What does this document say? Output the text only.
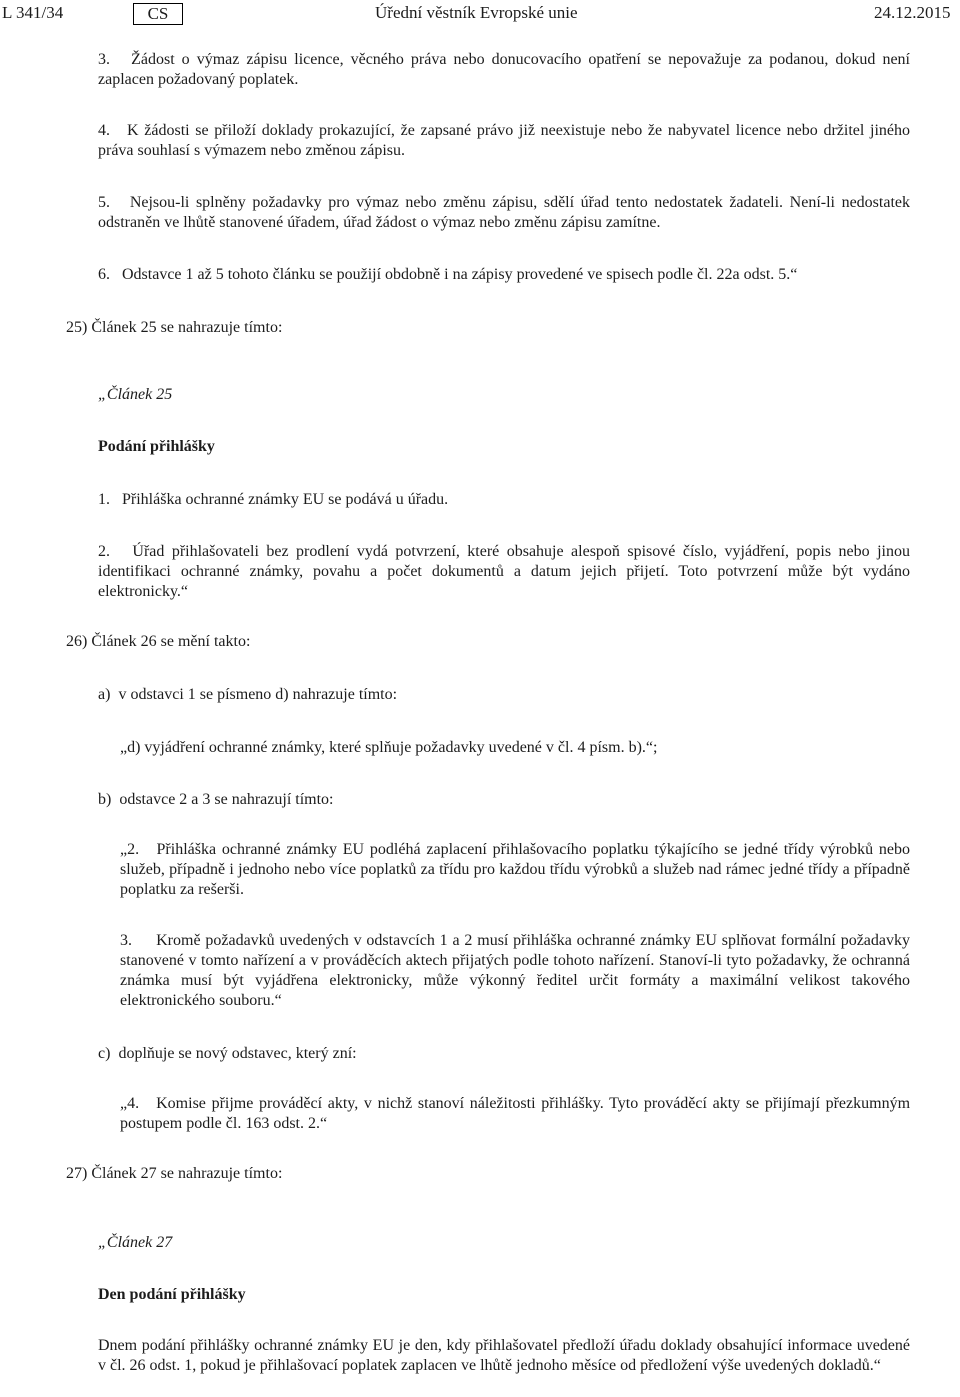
L 341/34	CS	Úřední věstník Evropské unie	24.12.2015
3. Žádost o výmaz zápisu licence, věcného práva nebo donucovacího opatření se nepovažuje za podanou, dokud není zaplacen požadovaný poplatek.
4. K žádosti se přiloží doklady prokazující, že zapsané právo již neexistuje nebo že nabyvatel licence nebo držitel jiného práva souhlasí s výmazem nebo změnou zápisu.
5. Nejsou-li splněny požadavky pro výmaz nebo změnu zápisu, sdělí úřad tento nedostatek žadateli. Není-li nedostatek odstraněn ve lhůtě stanovené úřadem, úřad žádost o výmaz nebo změnu zápisu zamítne.
6. Odstavce 1 až 5 tohoto článku se použijí obdobně i na zápisy provedené ve spisech podle čl. 22a odst. 5.“
25) Článek 25 se nahrazuje tímto:
„Článek 25
Podání přihlášky
1. Přihláška ochranné známky EU se podává u úřadu.
2. Úřad přihlašovateli bez prodlení vydá potvrzení, které obsahuje alespoň spisové číslo, vyjádření, popis nebo jinou identifikaci ochranné známky, povahu a počet dokumentů a datum jejich přijetí. Toto potvrzení může být vydáno elektronicky.“
26) Článek 26 se mění takto:
a) v odstavci 1 se písmeno d) nahrazuje tímto:
„d) vyjádření ochranné známky, které splňuje požadavky uvedené v čl. 4 písm. b).“;
b) odstavce 2 a 3 se nahrazují tímto:
„2. Přihláška ochranné známky EU podléhá zaplacení přihlašovacího poplatku týkajícího se jedné třídy výrobků nebo služeb, případně i jednoho nebo více poplatků za třídu pro každou třídu výrobků a služeb nad rámec jedné třídy a případně poplatku za rešerši.
3. Kromě požadavků uvedených v odstavcích 1 a 2 musí přihláška ochranné známky EU splňovat formální požadavky stanovené v tomto nařízení a v prováděcích aktech přijatých podle tohoto nařízení. Stanoví-li tyto požadavky, že ochranná známka musí být vyjádřena elektronicky, může výkonný ředitel určit formáty a maximální velikost takového elektronického souboru.“
c) doplňuje se nový odstavec, který zní:
„4. Komise přijme prováděcí akty, v nichž stanoví náležitosti přihlášky. Tyto prováděcí akty se přijímají přezkumným postupem podle čl. 163 odst. 2.“
27) Článek 27 se nahrazuje tímto:
„Článek 27
Den podání přihlášky
Dnem podání přihlášky ochranné známky EU je den, kdy přihlašovatel předloží úřadu doklady obsahující informace uvedené v čl. 26 odst. 1, pokud je přihlašovací poplatek zaplacen ve lhůtě jednoho měsíce od předložení výše uvedených dokladů.“
